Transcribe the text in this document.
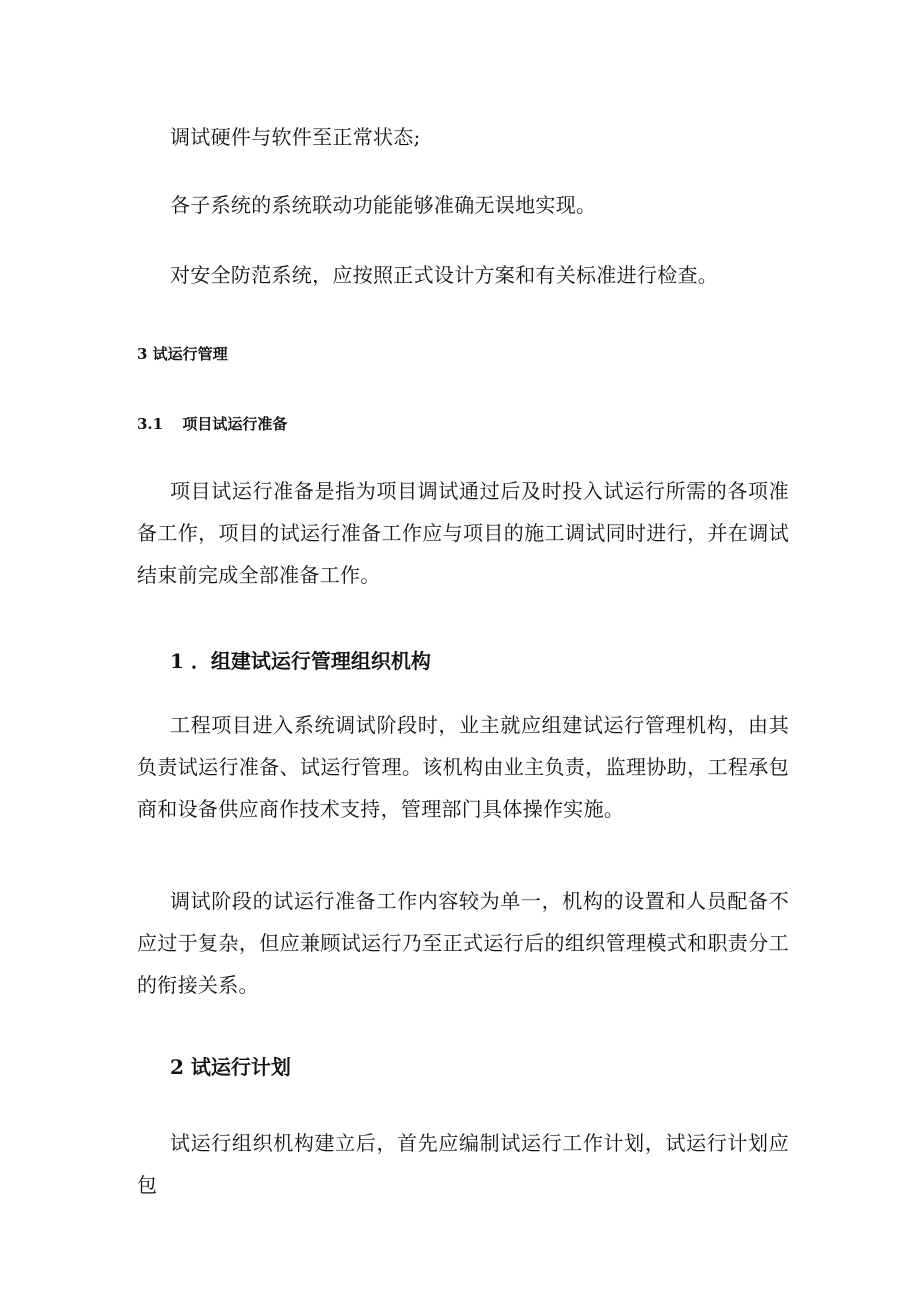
调试硬件与软件至正常状态;

各子系统的系统联动功能能够准确无误地实现。

对安全防范系统，应按照正式设计方案和有关标准进行检查。

3 试运行管理
3.1 项目试运行准备

项目试运行准备是指为项目调试通过后及时投入试运行所需的各项准备工作，项目的试运行准备工作应与项目的施工调试同时进行，并在调试结束前完成全部准备工作。

1 ．组建试运行管理组织机构

工程项目进入系统调试阶段时，业主就应组建试运行管理机构，由其负责试运行准备、试运行管理。该机构由业主负责，监理协助，工程承包商和设备供应商作技术支持，管理部门具体操作实施。

调试阶段的试运行准备工作内容较为单一，机构的设置和人员配备不应过于复杂，但应兼顾试运行乃至正式运行后的组织管理模式和职责分工的衔接关系。

2 试运行计划

试运行组织机构建立后，首先应编制试运行工作计划，试运行计划应包
